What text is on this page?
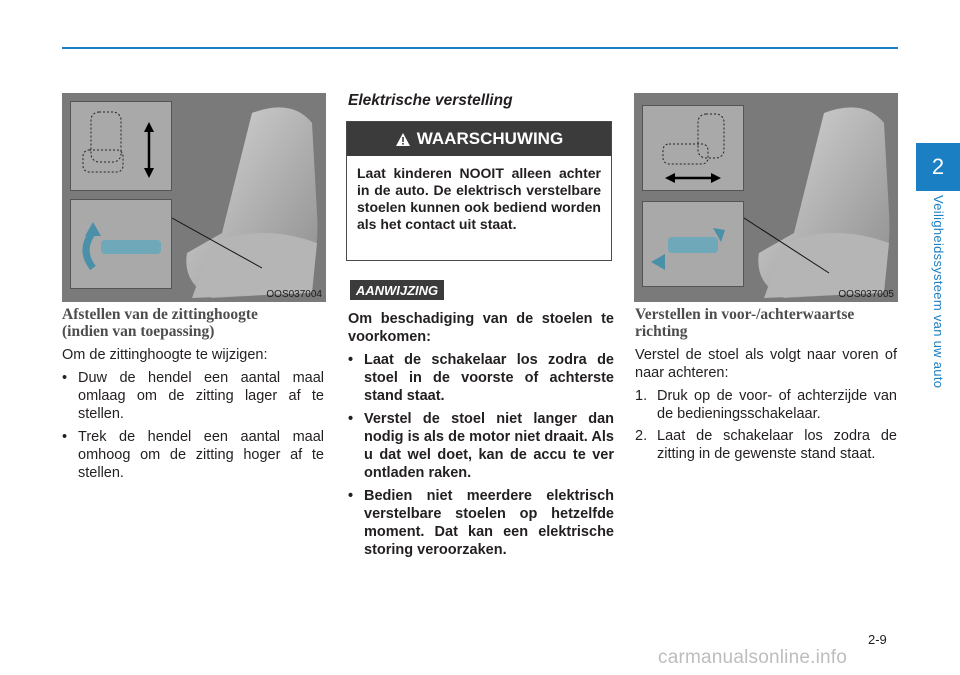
2
Veiligheidssysteem van uw auto
OOS037004
Afstellen van de zittinghoogte (indien van toepassing)
Om de zittinghoogte te wijzigen:
• Duw de hendel een aantal maal omlaag om de zitting lager af te stellen.
• Trek de hendel een aantal maal omhoog om de zitting hoger af te stellen.
Elektrische verstelling
WAARSCHUWING
Laat kinderen NOOIT alleen achter in de auto. De elektrisch verstelbare stoelen kunnen ook bediend worden als het contact uit staat.
AANWIJZING
Om beschadiging van de stoelen te voorkomen:
• Laat de schakelaar los zodra de stoel in de voorste of achterste stand staat.
• Verstel de stoel niet langer dan nodig is als de motor niet draait. Als u dat wel doet, kan de accu te ver ontladen raken.
• Bedien niet meerdere elektrisch verstelbare stoelen op hetzelfde moment. Dat kan een elektrische storing veroorzaken.
OOS037005
Verstellen in voor-/achterwaartse richting
Verstel de stoel als volgt naar voren of naar achteren:
1. Druk op de voor- of achterzijde van de bedieningsschakelaar.
2. Laat de schakelaar los zodra de zitting in de gewenste stand staat.
2-9
carmanualsonline.info
